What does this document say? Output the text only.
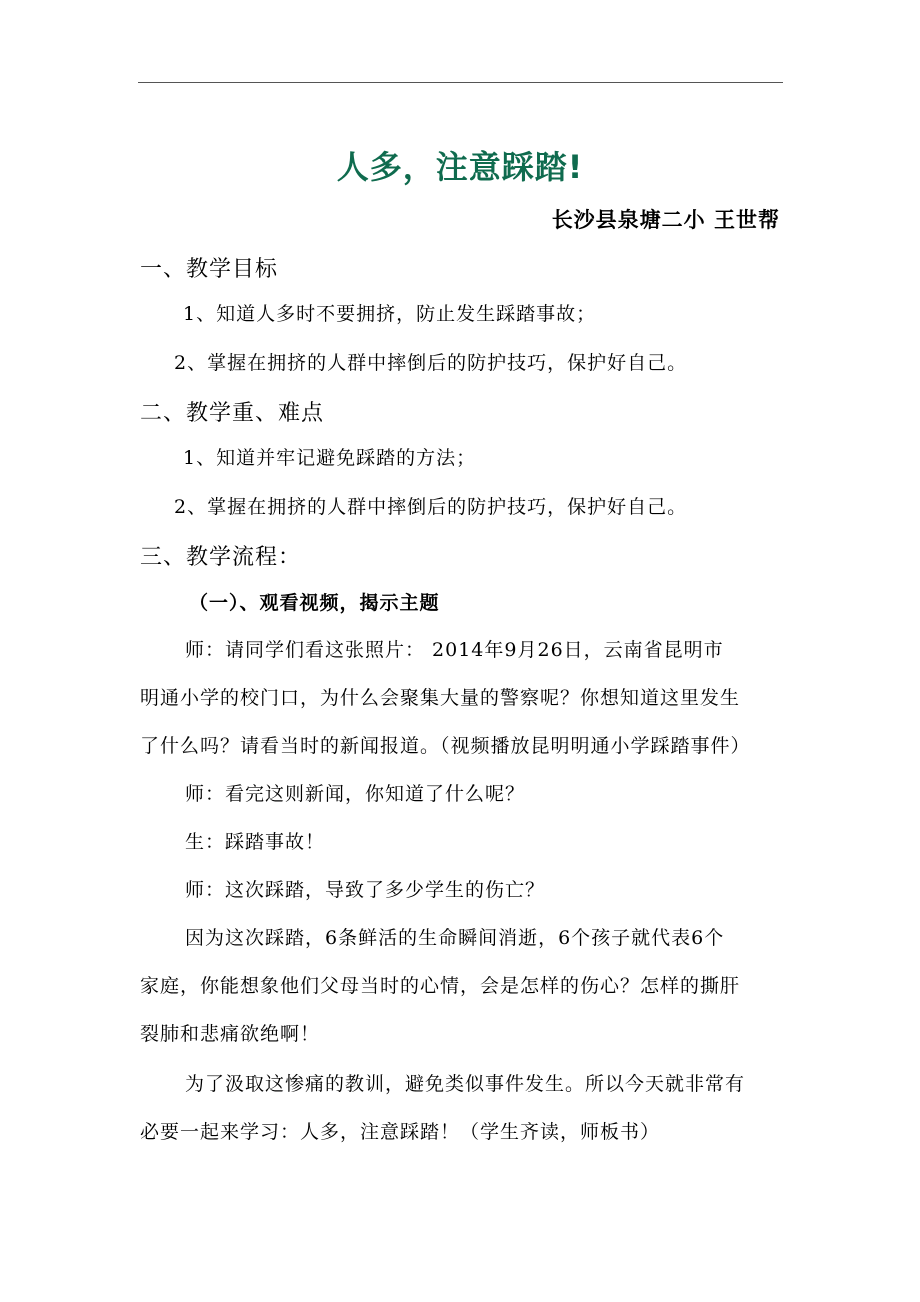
人多，注意踩踏!
长沙县泉塘二小 王世帮
一、教学目标
1、知道人多时不要拥挤，防止发生踩踏事故；
2、掌握在拥挤的人群中摔倒后的防护技巧，保护好自己。
二、教学重、难点
1、知道并牢记避免踩踏的方法；
2、掌握在拥挤的人群中摔倒后的防护技巧，保护好自己。
三、教学流程：
（一）、观看视频，揭示主题
师：请同学们看这张照片： 2014年9月26日，云南省昆明市
明通小学的校门口，为什么会聚集大量的警察呢？你想知道这里发生
了什么吗？请看当时的新闻报道。（视频播放昆明明通小学踩踏事件）
师：看完这则新闻，你知道了什么呢？
生：踩踏事故！
师：这次踩踏，导致了多少学生的伤亡？
因为这次踩踏，6条鲜活的生命瞬间消逝，6个孩子就代表6个
家庭，你能想象他们父母当时的心情，会是怎样的伤心？怎样的撕肝
裂肺和悲痛欲绝啊！
为了汲取这惨痛的教训，避免类似事件发生。所以今天就非常有
必要一起来学习：人多，注意踩踏！（学生齐读，师板书）
